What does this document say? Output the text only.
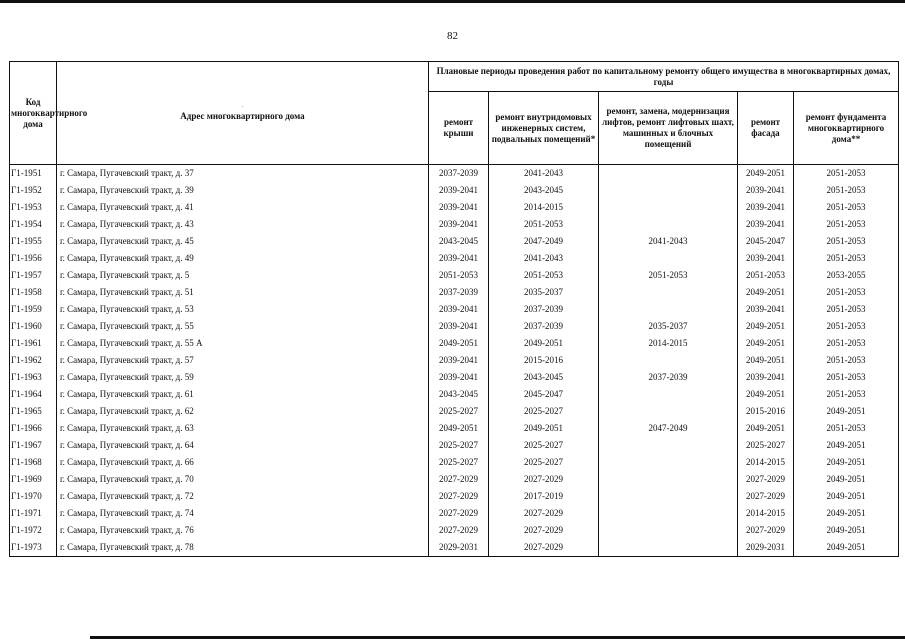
82
Код многоквартирного дома	·
Адрес многоквартирного дома	Плановые периоды проведения работ по капитальному ремонту общего имущества в многоквартирных домах, годы				
		ремонт крыши	ремонт внутридомовых инженерных систем, подвальных помещений*	ремонт, замена, модернизация лифтов, ремонт лифтовых шахт, машинных и блочных помещений	ремонт фасада	ремонт фундамента многоквартирного дома**
Г1-1951	г. Самара, Пугачевский тракт, д. 37	2037-2039	2041-2043		2049-2051	2051-2053
Г1-1952	г. Самара, Пугачевский тракт, д. 39	2039-2041	2043-2045		2039-2041	2051-2053
Г1-1953	г. Самара, Пугачевский тракт, д. 41	2039-2041	2014-2015		2039-2041	2051-2053
Г1-1954	г. Самара, Пугачевский тракт, д. 43	2039-2041	2051-2053		2039-2041	2051-2053
Г1-1955	г. Самара, Пугачевский тракт, д. 45	2043-2045	2047-2049	2041-2043	2045-2047	2051-2053
Г1-1956	г. Самара, Пугачевский тракт, д. 49	2039-2041	2041-2043		2039-2041	2051-2053
Г1-1957	г. Самара, Пугачевский тракт, д. 5	2051-2053	2051-2053	2051-2053	2051-2053	2053-2055
Г1-1958	г. Самара, Пугачевский тракт, д. 51	2037-2039	2035-2037		2049-2051	2051-2053
Г1-1959	г. Самара, Пугачевский тракт, д. 53	2039-2041	2037-2039		2039-2041	2051-2053
Г1-1960	г. Самара, Пугачевский тракт, д. 55	2039-2041	2037-2039	2035-2037	2049-2051	2051-2053
Г1-1961	г. Самара, Пугачевский тракт, д. 55 А	2049-2051	2049-2051	2014-2015	2049-2051	2051-2053
Г1-1962	г. Самара, Пугачевский тракт, д. 57	2039-2041	2015-2016		2049-2051	2051-2053
Г1-1963	г. Самара, Пугачевский тракт, д. 59	2039-2041	2043-2045	2037-2039	2039-2041	2051-2053
Г1-1964	г. Самара, Пугачевский тракт, д. 61	2043-2045	2045-2047		2049-2051	2051-2053
Г1-1965	г. Самара, Пугачевский тракт, д. 62	2025-2027	2025-2027		2015-2016	2049-2051
Г1-1966	г. Самара, Пугачевский тракт, д. 63	2049-2051	2049-2051	2047-2049	2049-2051	2051-2053
Г1-1967	г. Самара, Пугачевский тракт, д. 64	2025-2027	2025-2027		2025-2027	2049-2051
Г1-1968	г. Самара, Пугачевский тракт, д. 66	2025-2027	2025-2027		2014-2015	2049-2051
Г1-1969	г. Самара, Пугачевский тракт, д. 70	2027-2029	2027-2029		2027-2029	2049-2051
Г1-1970	г. Самара, Пугачевский тракт, д. 72	2027-2029	2017-2019		2027-2029	2049-2051
Г1-1971	г. Самара, Пугачевский тракт, д. 74	2027-2029	2027-2029		2014-2015	2049-2051
Г1-1972	г. Самара, Пугачевский тракт, д. 76	2027-2029	2027-2029		2027-2029	2049-2051
Г1-1973	г. Самара, Пугачевский тракт, д. 78	2029-2031	2027-2029		2029-2031	2049-2051
